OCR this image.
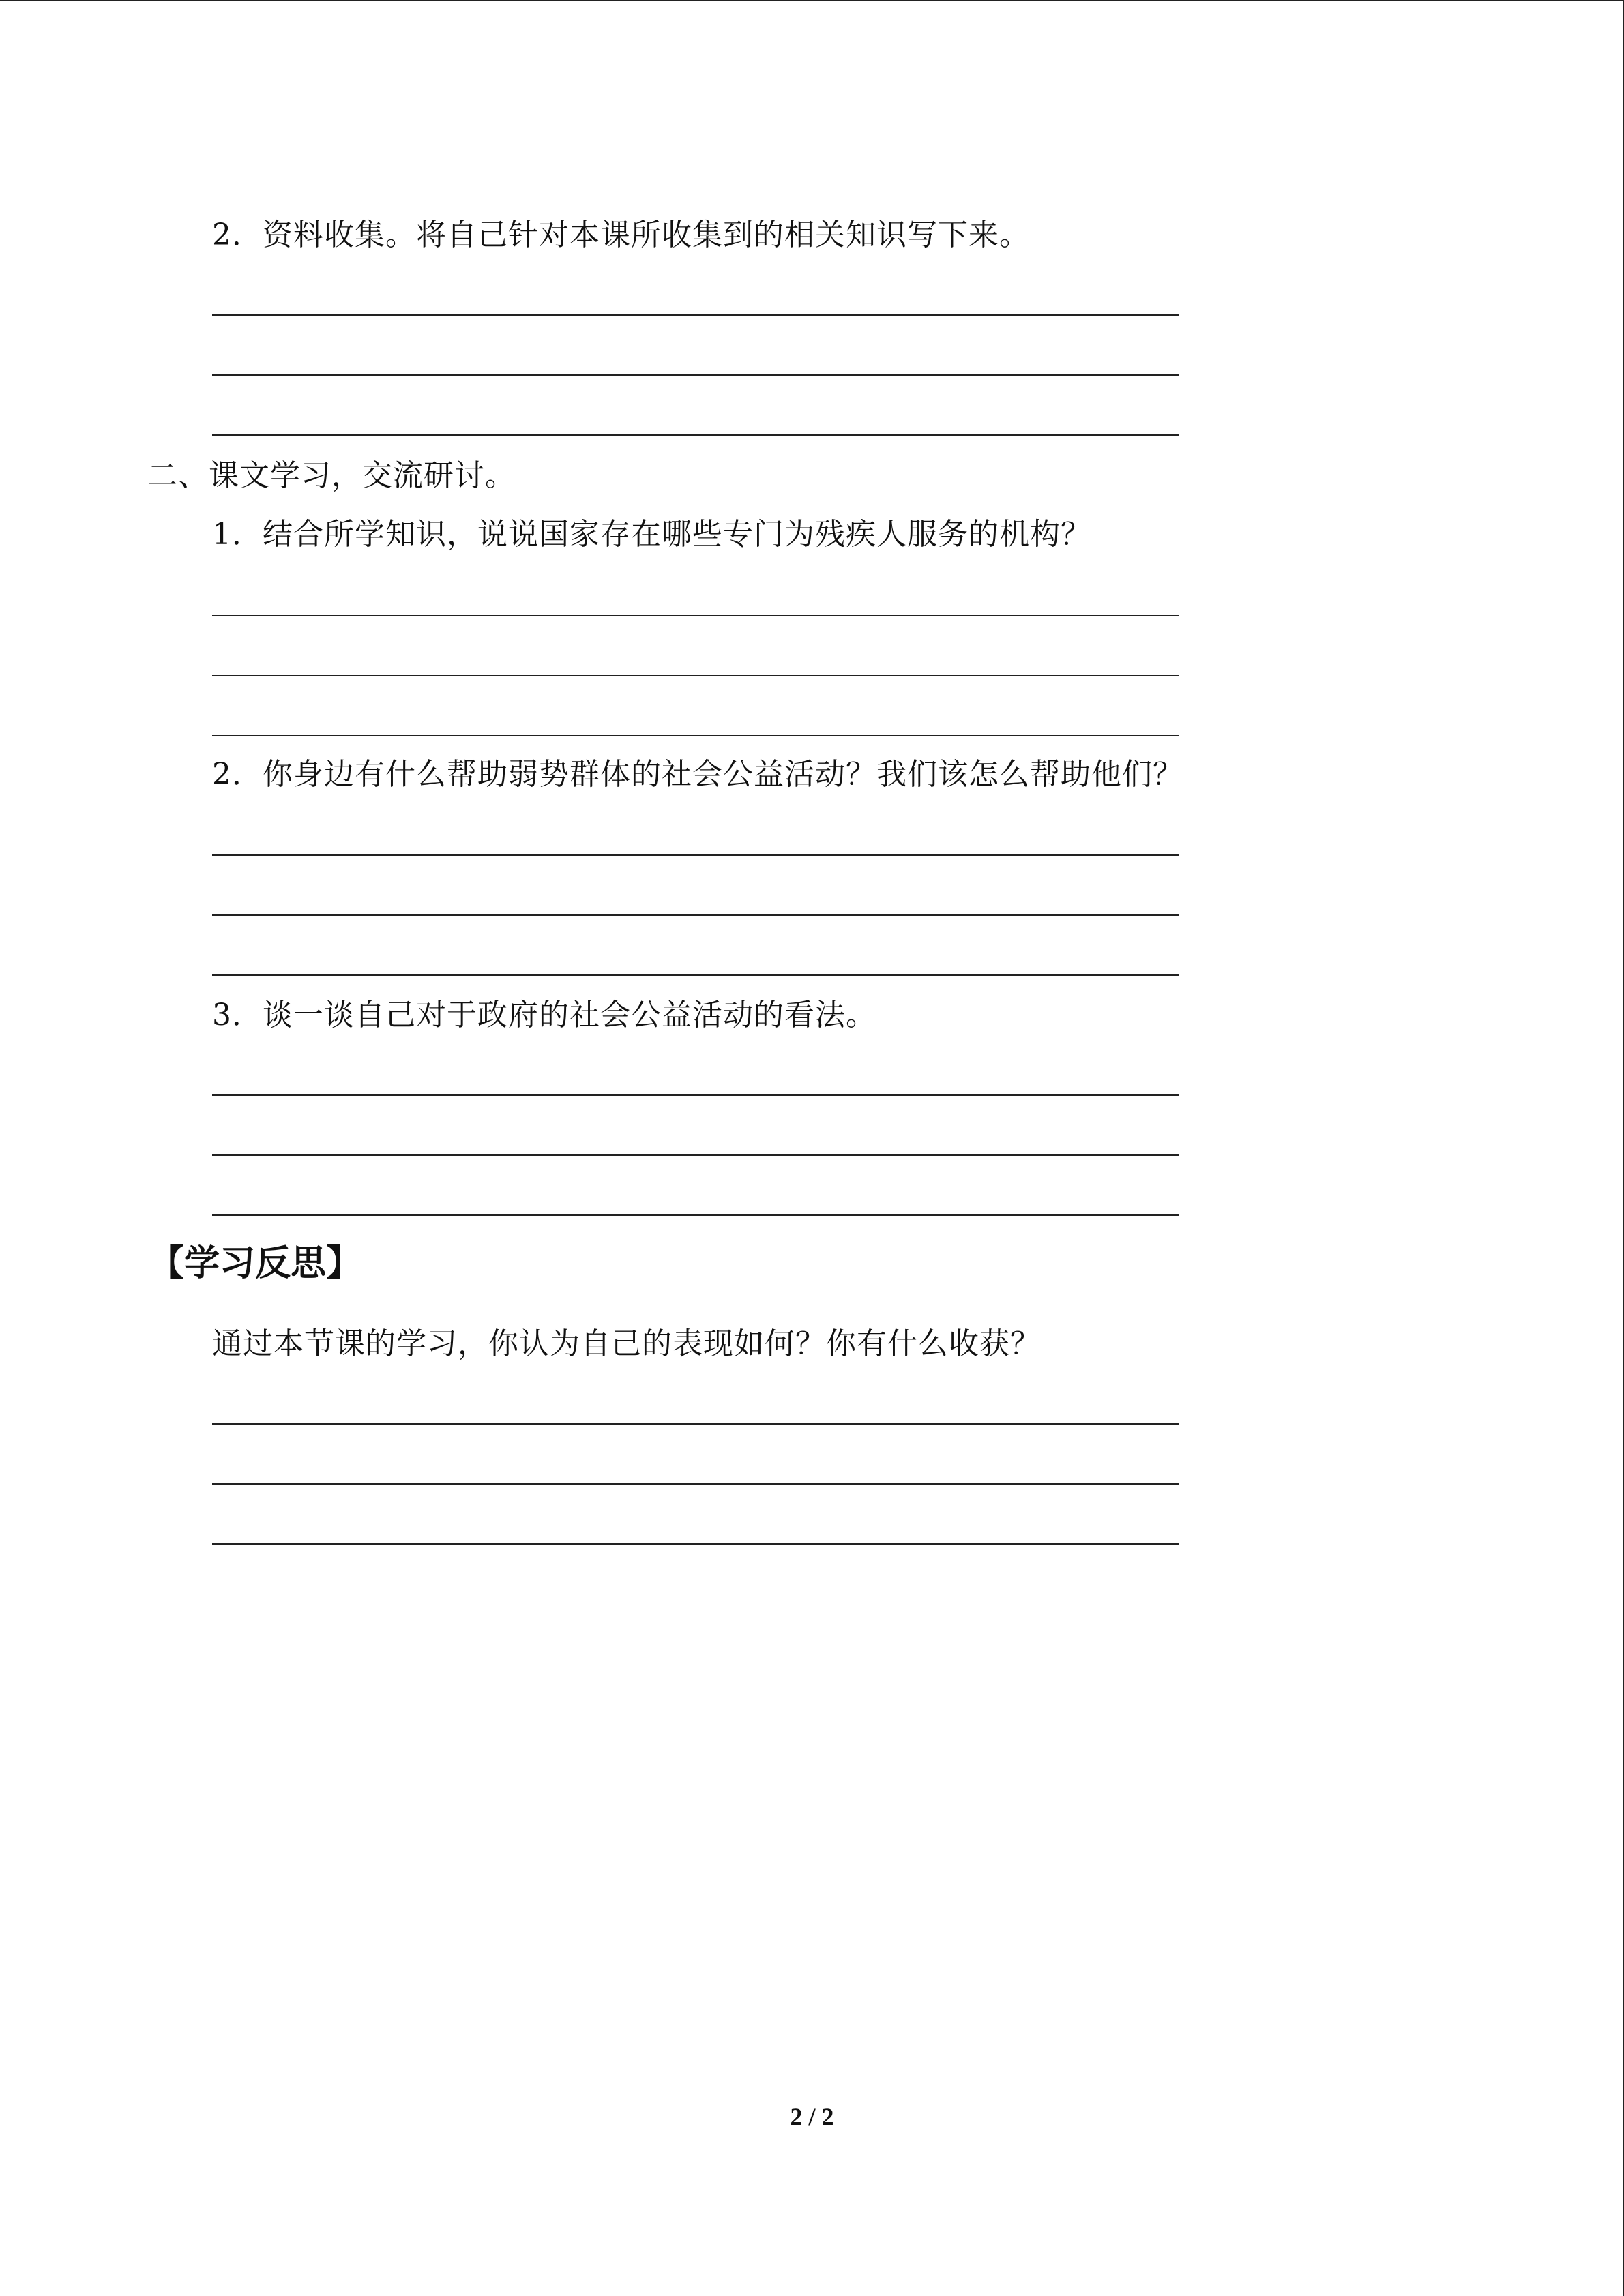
2．资料收集。将自己针对本课所收集到的相关知识写下来。
二、课文学习，交流研讨。
1．结合所学知识，说说国家存在哪些专门为残疾人服务的机构？
2．你身边有什么帮助弱势群体的社会公益活动？我们该怎么帮助他们？
3．谈一谈自己对于政府的社会公益活动的看法。
【学习反思】
通过本节课的学习，你认为自己的表现如何？你有什么收获？
2 / 2
